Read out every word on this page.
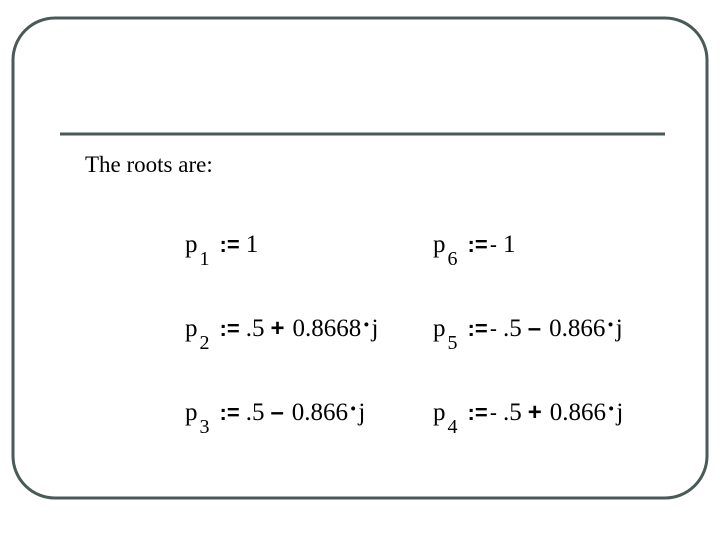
The roots are:
$p_1:= 1$
$p_2:= .5 + 0.8668\cdot j$
$p_3:= .5 - 0.866\cdot j$
$p_6:=-$ 1
$p_5:=-$ .5 – 0.866·j
$p_4:=-$ .5 + 0.866·j
